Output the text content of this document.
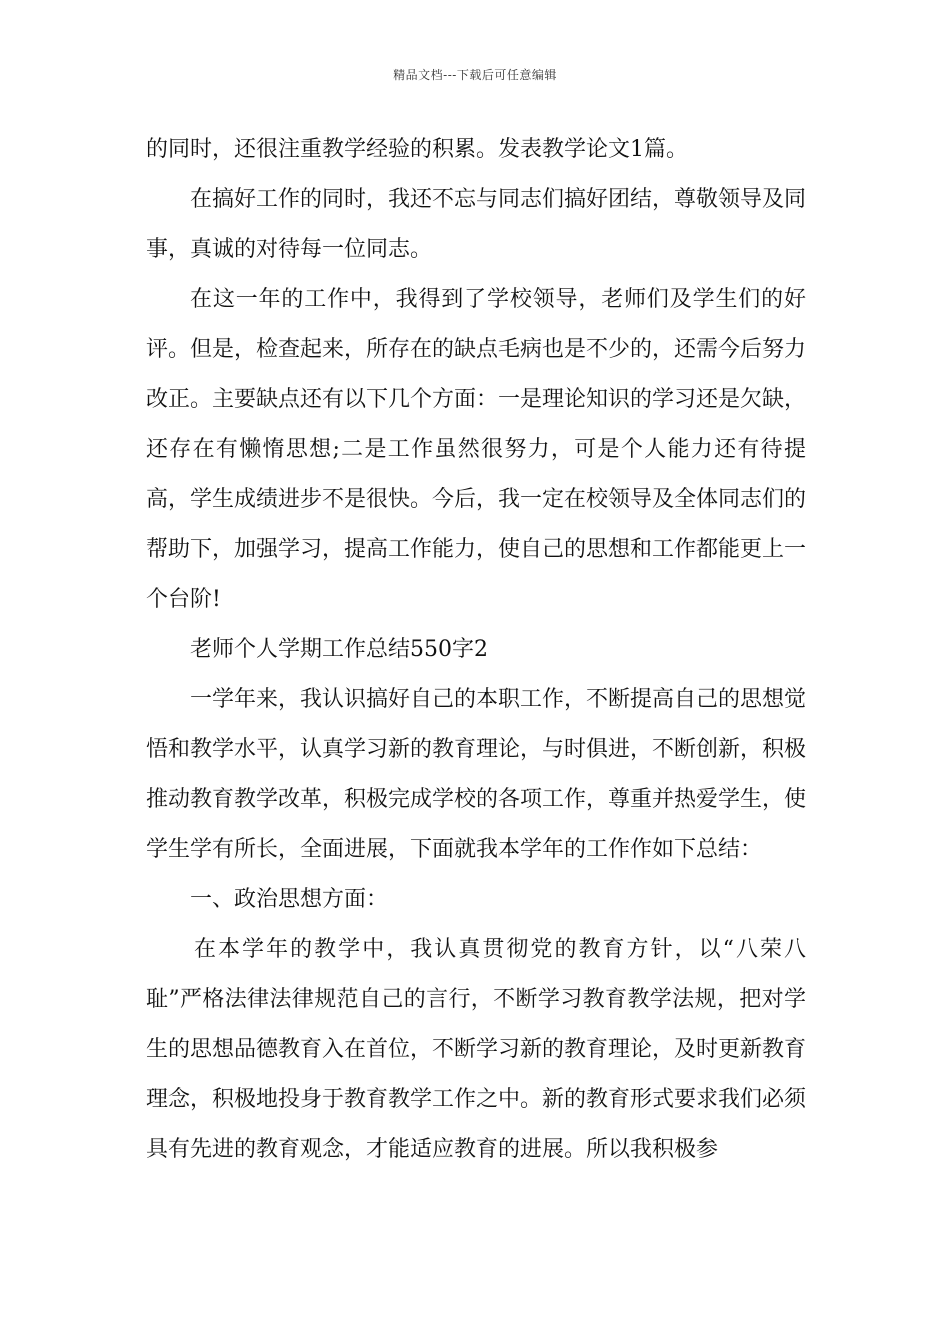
精品文档---下载后可任意编辑

的同时，还很注重教学经验的积累。发表教学论文1篇。

在搞好工作的同时，我还不忘与同志们搞好团结，尊敬领导及同事，真诚的对待每一位同志。

在这一年的工作中，我得到了学校领导，老师们及学生们的好评。但是，检查起来，所存在的缺点毛病也是不少的，还需今后努力改正。主要缺点还有以下几个方面：一是理论知识的学习还是欠缺，还存在有懒惰思想;二是工作虽然很努力，可是个人能力还有待提高，学生成绩进步不是很快。今后，我一定在校领导及全体同志们的帮助下，加强学习，提高工作能力，使自己的思想和工作都能更上一个台阶!

老师个人学期工作总结550字2

一学年来，我认识搞好自己的本职工作，不断提高自己的思想觉悟和教学水平，认真学习新的教育理论，与时俱进，不断创新，积极推动教育教学改革，积极完成学校的各项工作，尊重并热爱学生，使学生学有所长，全面进展，下面就我本学年的工作作如下总结：

一、政治思想方面：

在本学年的教学中，我认真贯彻党的教育方针，以“八荣八耻”严格法律法律规范自己的言行，不断学习教育教学法规，把对学生的思想品德教育入在首位，不断学习新的教育理论，及时更新教育理念，积极地投身于教育教学工作之中。新的教育形式要求我们必须具有先进的教育观念，才能适应教育的进展。所以我积极参
